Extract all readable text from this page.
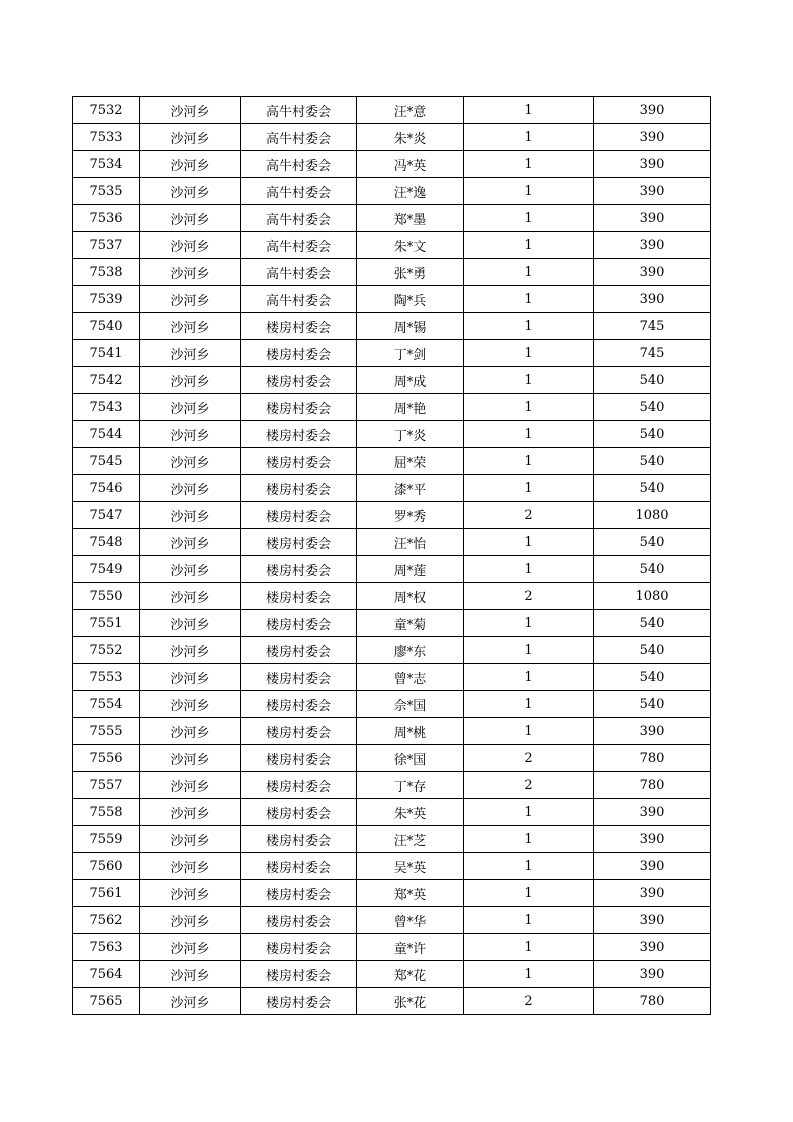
7532	沙河乡	高牛村委会	汪*意	1	390
7533	沙河乡	高牛村委会	朱*炎	1	390
7534	沙河乡	高牛村委会	冯*英	1	390
7535	沙河乡	高牛村委会	汪*逸	1	390
7536	沙河乡	高牛村委会	郑*墨	1	390
7537	沙河乡	高牛村委会	朱*文	1	390
7538	沙河乡	高牛村委会	张*勇	1	390
7539	沙河乡	高牛村委会	陶*兵	1	390
7540	沙河乡	楼房村委会	周*锡	1	745
7541	沙河乡	楼房村委会	丁*剑	1	745
7542	沙河乡	楼房村委会	周*成	1	540
7543	沙河乡	楼房村委会	周*艳	1	540
7544	沙河乡	楼房村委会	丁*炎	1	540
7545	沙河乡	楼房村委会	屈*荣	1	540
7546	沙河乡	楼房村委会	漆*平	1	540
7547	沙河乡	楼房村委会	罗*秀	2	1080
7548	沙河乡	楼房村委会	汪*怡	1	540
7549	沙河乡	楼房村委会	周*莲	1	540
7550	沙河乡	楼房村委会	周*权	2	1080
7551	沙河乡	楼房村委会	童*菊	1	540
7552	沙河乡	楼房村委会	廖*东	1	540
7553	沙河乡	楼房村委会	曾*志	1	540
7554	沙河乡	楼房村委会	佘*国	1	540
7555	沙河乡	楼房村委会	周*桃	1	390
7556	沙河乡	楼房村委会	徐*国	2	780
7557	沙河乡	楼房村委会	丁*存	2	780
7558	沙河乡	楼房村委会	朱*英	1	390
7559	沙河乡	楼房村委会	汪*芝	1	390
7560	沙河乡	楼房村委会	吴*英	1	390
7561	沙河乡	楼房村委会	郑*英	1	390
7562	沙河乡	楼房村委会	曾*华	1	390
7563	沙河乡	楼房村委会	童*许	1	390
7564	沙河乡	楼房村委会	郑*花	1	390
7565	沙河乡	楼房村委会	张*花	2	780
